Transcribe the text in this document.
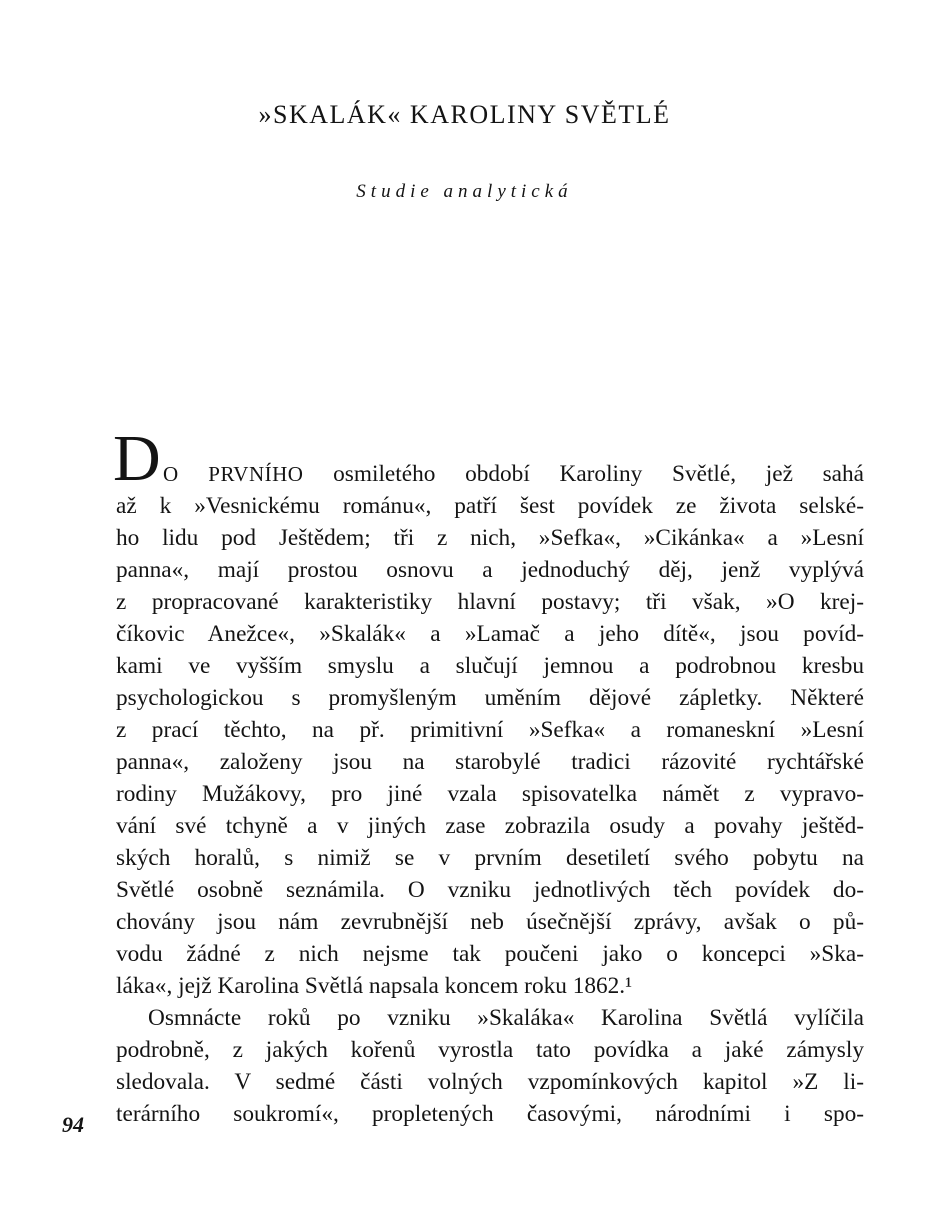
»SKALÁK« KAROLINY SVĚTLÉ
Studie analytická
D O PRVNÍHO osmiletého období Karoliny Světlé, jež sahá
až k »Vesnickému románu«, patří šest povídek ze života selské-
ho lidu pod Ještědem; tři z nich, »Sefka«, »Cikánka« a »Lesní
panna«, mají prostou osnovu a jednoduchý děj, jenž vyplývá
z propracované karakteristiky hlavní postavy; tři však, »O krej-
číkovic Anežce«, »Skalák« a »Lamač a jeho dítě«, jsou povíd-
kami ve vyšším smyslu a slučují jemnou a podrobnou kresbu
psychologickou s promyšleným uměním dějové zápletky. Některé
z prací těchto, na př. primitivní »Sefka« a romaneskní »Lesní
panna«, založeny jsou na starobylé tradici rázovité rychtářské
rodiny Mužákovy, pro jiné vzala spisovatelka námět z vypravo-
vání své tchyně a v jiných zase zobrazila osudy a povahy ještěd-
ských horalů, s nimiž se v prvním desetiletí svého pobytu na
Světlé osobně seznámila. O vzniku jednotlivých těch povídek do-
chovány jsou nám zevrubnější neb úsečnější zprávy, avšak o pů-
vodu žádné z nich nejsme tak poučeni jako o koncepci »Ska-
láka«, jejž Karolina Světlá napsala koncem roku 1862.¹
Osmnácte roků po vzniku »Skaláka« Karolina Světlá vylíčila
podrobně, z jakých kořenů vyrostla tato povídka a jaké zámysly
sledovala. V sedmé části volných vzpomínkových kapitol »Z li-
terárního soukromí«, propletených časovými, národními i spo-
94
